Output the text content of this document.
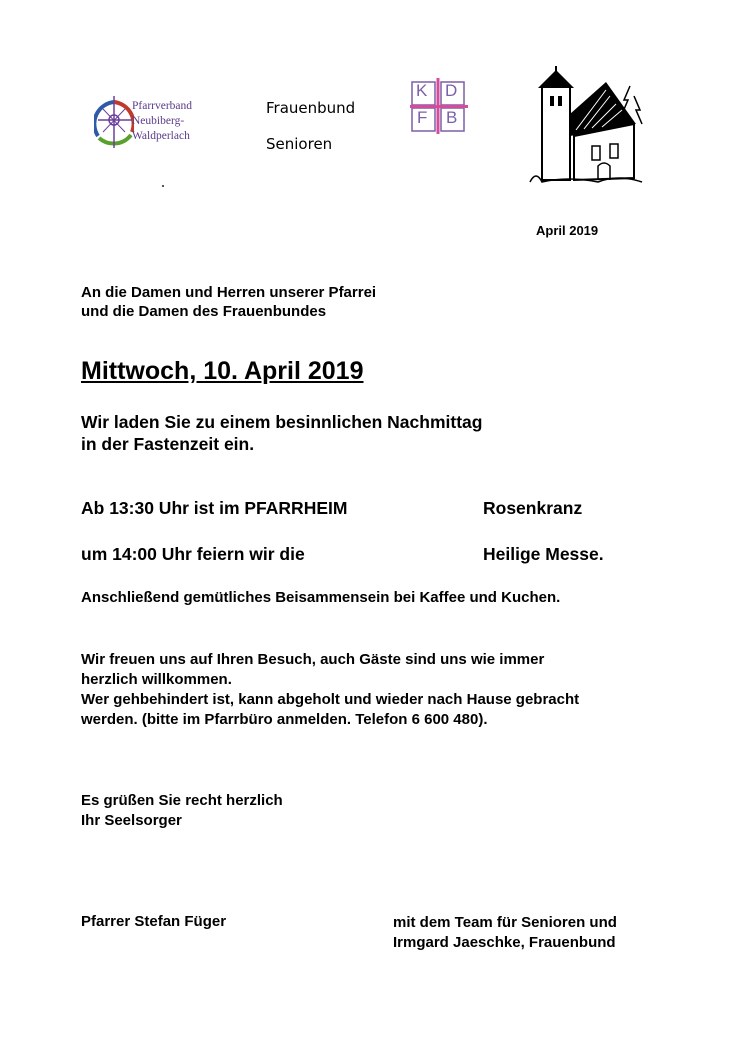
Pfarrverband
Neubiberg-
Waldperlach
Frauenbund
Senioren
K D
F B
April 2019
An die Damen und Herren unserer Pfarrei
und die Damen des Frauenbundes
Mittwoch, 10. April 2019
Wir laden Sie zu einem besinnlichen Nachmittag
in der Fastenzeit ein.
Ab 13:30 Uhr ist im PFARRHEIM	Rosenkranz
um 14:00 Uhr feiern wir die	Heilige Messe.
Anschließend gemütliches Beisammensein bei Kaffee und Kuchen.
Wir freuen uns auf Ihren Besuch, auch Gäste sind uns wie immer
herzlich willkommen.
Wer gehbehindert ist, kann abgeholt und wieder nach Hause gebracht
werden. (bitte im Pfarrbüro anmelden. Telefon 6 600 480).
Es grüßen Sie recht herzlich
Ihr Seelsorger
Pfarrer Stefan Füger	mit dem Team für Senioren und
Irmgard Jaeschke, Frauenbund
